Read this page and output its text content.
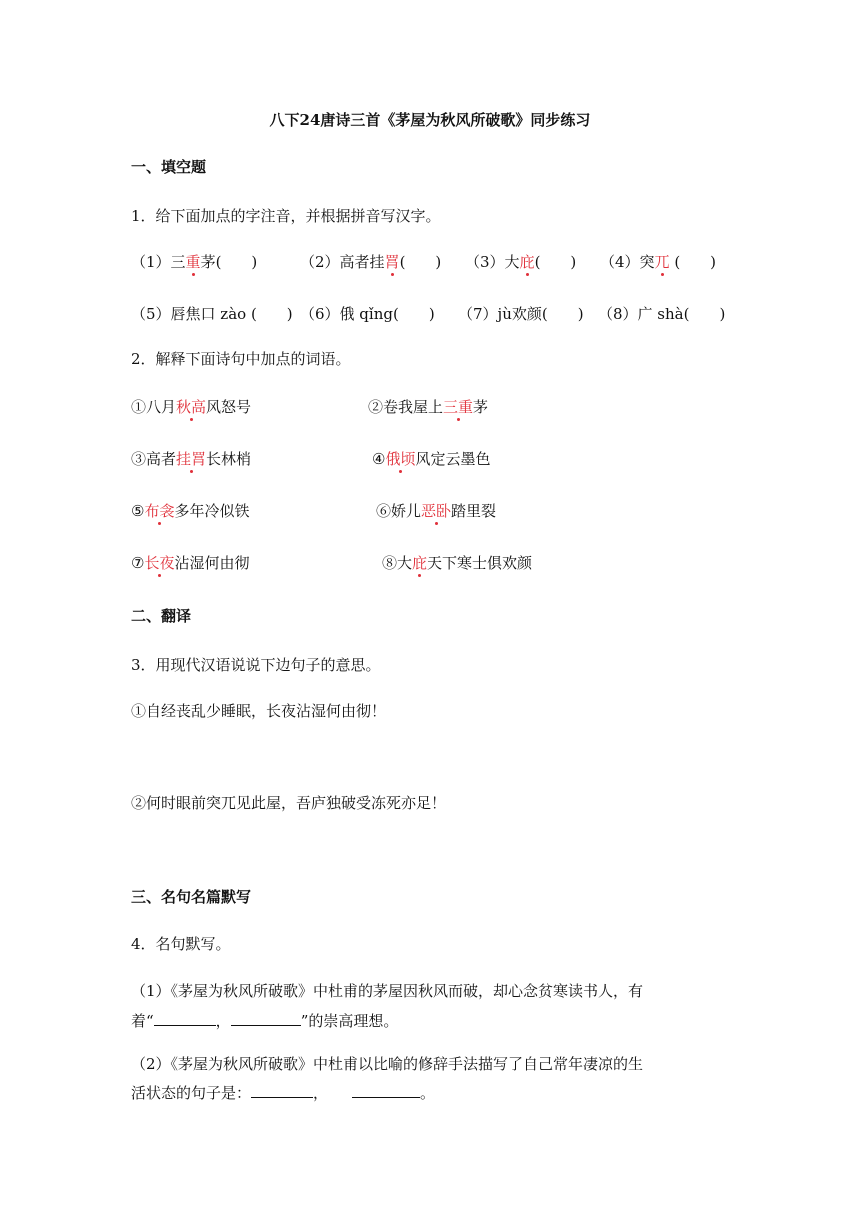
八下24唐诗三首《茅屋为秋风所破歌》同步练习
一、填空题
1．给下面加点的字注音，并根据拼音写汉字。
（1）三重茅(　　)	（2）高者挂罥(　　) （3）大庇(　　) （4）突兀 (　　)
（5）唇焦口 zào (　　) （6）俄 qǐng(　　) （7）jù欢颜(　　) （8）广 shà(　　)
2．解释下面诗句中加点的词语。
①八月秋高风怒号	②卷我屋上三重茅
③高者挂罥长林梢	④俄顷风定云墨色
⑤布衾多年冷似铁	⑥娇儿恶卧踏里裂
⑦长夜沾湿何由彻	⑧大庇天下寒士俱欢颜
二、翻译
3．用现代汉语说说下边句子的意思。
①自经丧乱少睡眠，长夜沾湿何由彻！
②何时眼前突兀见此屋，吾庐独破受冻死亦足！
三、名句名篇默写
4．名句默写。
（1）《茅屋为秋风所破歌》中杜甫的茅屋因秋风而破，却心念贫寒读书人，有
着“	，	”的崇高理想。
（2）《茅屋为秋风所破歌》中杜甫以比喻的修辞手法描写了自己常年凄凉的生
活状态的句子是：	，	。
